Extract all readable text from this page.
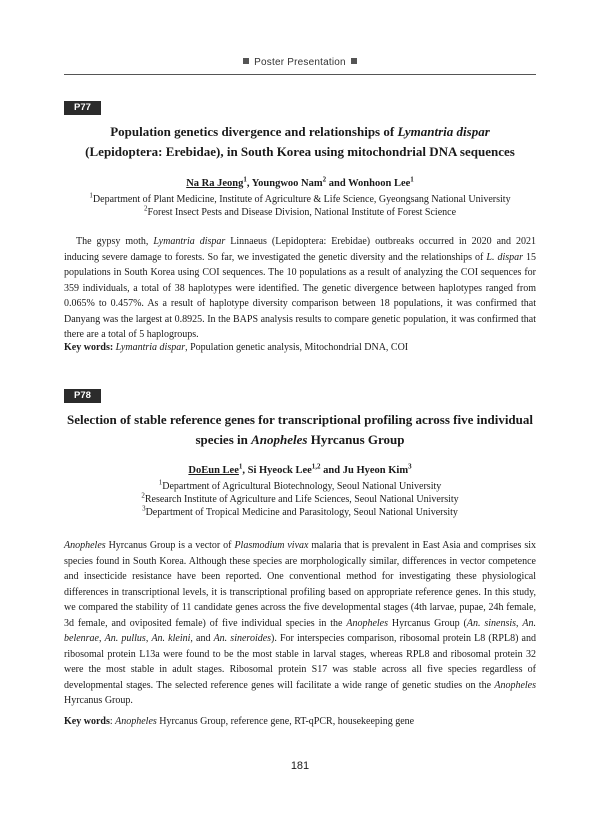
Poster Presentation
P77
Population genetics divergence and relationships of Lymantria dispar
(Lepidoptera: Erebidae), in South Korea using mitochondrial DNA sequences
Na Ra Jeong$^1$, Youngwoo Nam$^2$ and Wonhoon Lee$^1$
$^1$Department of Plant Medicine, Institute of Agriculture & Life Science, Gyeongsang National University
$^2$Forest Insect Pests and Disease Division, National Institute of Forest Science

The gypsy moth, Lymantria dispar Linnaeus (Lepidoptera: Erebidae) outbreaks occurred in 2020 and 2021 inducing severe damage to forests. So far, we investigated the genetic diversity and the relationships of L. dispar 15 populations in South Korea using COI sequences. The 10 populations as a result of analyzing the COI sequences for 359 individuals, a total of 38 haplotypes were identified. The genetic divergence between haplotypes ranged from 0.065% to 0.457%. As a result of haplotype diversity comparison between 18 populations, it was confirmed that Danyang was the largest at 0.8925. In the BAPS analysis results to compare genetic population, it was confirmed that there are a total of 5 haplogroups.

Key words: Lymantria dispar, Population genetic analysis, Mitochondrial DNA, COI
P78
Selection of stable reference genes for transcriptional profiling across five individual
species in Anopheles Hyrcanus Group
DoEun Lee$^1$, Si Hyeock Lee$^{1,2}$ and Ju Hyeon Kim$^3$
$^1$Department of Agricultural Biotechnology, Seoul National University
$^2$Research Institute of Agriculture and Life Sciences, Seoul National University
$^3$Department of Tropical Medicine and Parasitology, Seoul National University

Anopheles Hyrcanus Group is a vector of Plasmodium vivax malaria that is prevalent in East Asia and comprises six species found in South Korea. Although these species are morphologically similar, differences in vector competence and insecticide resistance have been reported. One conventional method for investigating these physiological differences in transcriptional levels, it is transcriptional profiling based on appropriate reference genes. In this study, we compared the stability of 11 candidate genes across the five developmental stages (4th larvae, pupae, 24h female, 3d female, and oviposited female) of five individual species in the Anopheles Hyrcanus Group (An. sinensis, An. belenrae, An. pullus, An. kleini, and An. sineroides). For interspecies comparison, ribosomal protein L8 (RPL8) and ribosomal protein L13a were found to be the most stable in larval stages, whereas RPL8 and ribosomal protein 32 were the most stable in adult stages. Ribosomal protein S17 was stable across all five species regardless of developmental stages. The selected reference genes will facilitate a wide range of genetic studies on the Anopheles Hyrcanus Group.

Key words: Anopheles Hyrcanus Group, reference gene, RT-qPCR, housekeeping gene
181
